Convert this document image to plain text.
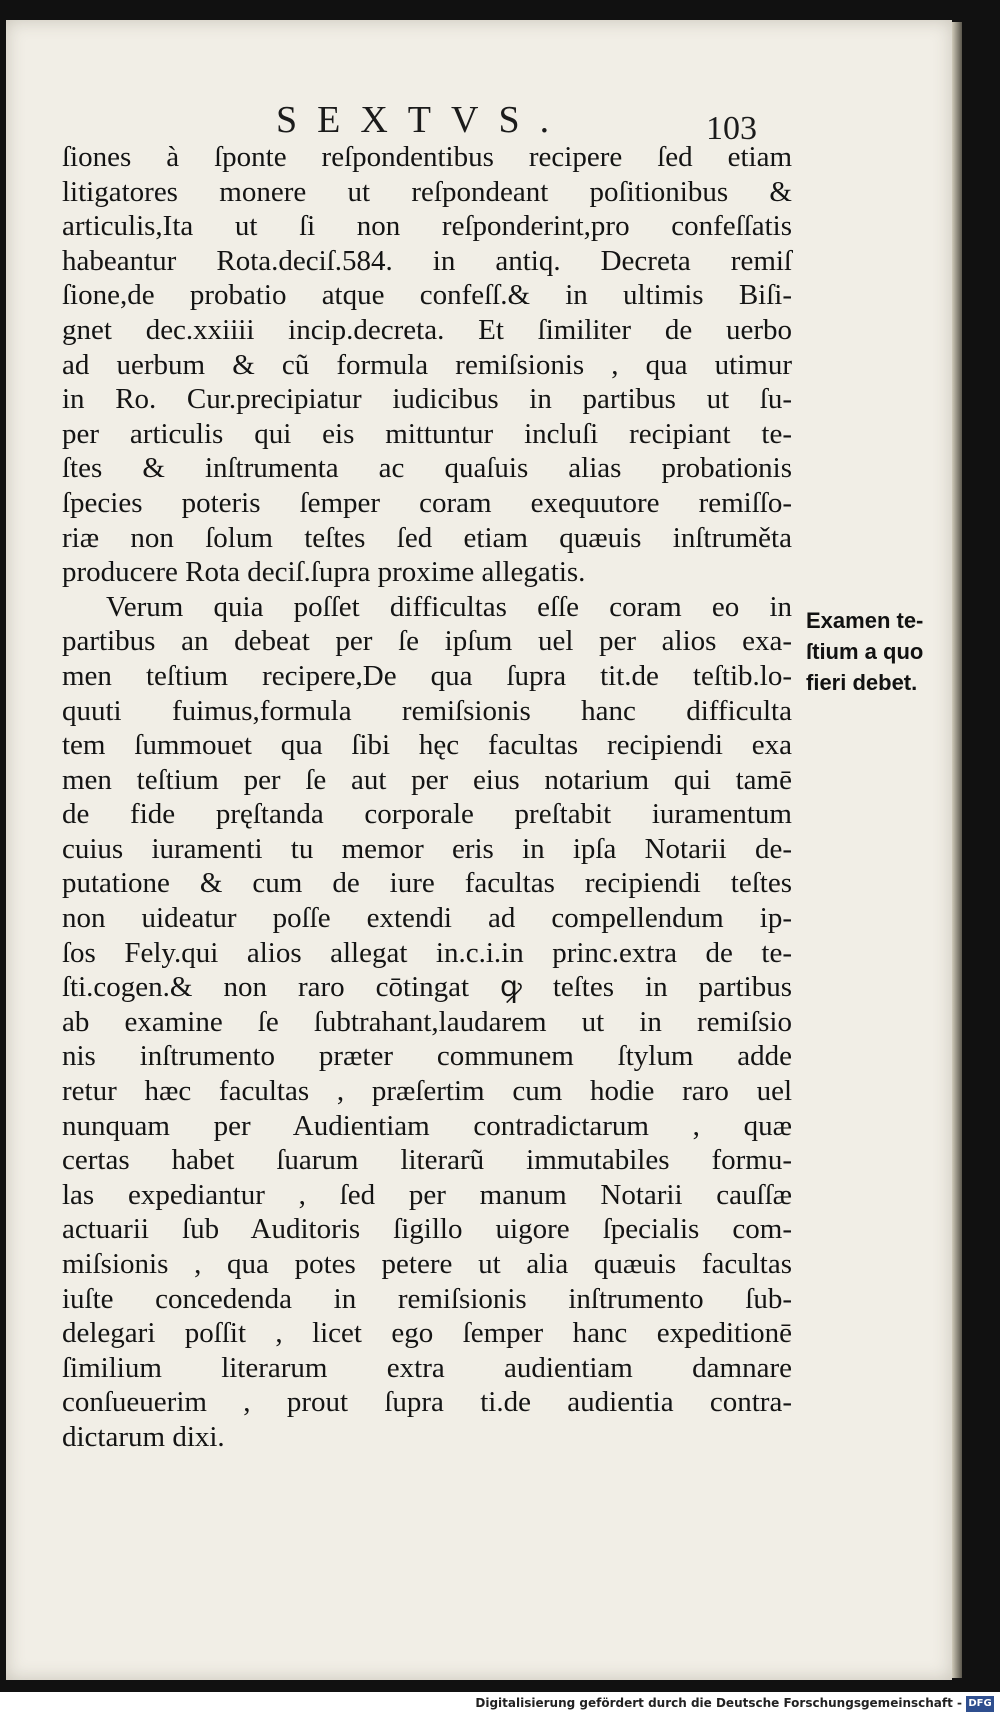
SEXTVS.	103
ſiones à ſponte reſpondentibus recipere ſed etiam
litigatores monere ut reſpondeant poſitionibus &
articulis,Ita ut ſi non reſponderint,pro confeſſatis
habeantur Rota.deciſ.584. in antiq. Decreta remiſ
ſione,de probatio atque confeſſ.& in ultimis Biſi-
gnet dec.xxiiii incip.decreta. Et ſimiliter de uerbo
ad uerbum & cũ formula remiſsionis , qua utimur
in Ro. Cur.precipiatur iudicibus in partibus ut ſu-
per articulis qui eis mittuntur incluſi recipiant te-
ſtes & inſtrumenta ac quaſuis alias probationis
ſpecies poteris ſemper coram exequutore remiſſo-
riæ non ſolum teſtes ſed etiam quæuis inſtruměta
producere Rota deciſ.ſupra proxime allegatis.
Verum quia poſſet difficultas eſſe coram eo in
partibus an debeat per ſe ipſum uel per alios exa-
men teſtium recipere,De qua ſupra tit.de teſtib.lo-
quuti fuimus,formula remiſsionis hanc difficulta
tem ſummouet qua ſibi hęc facultas recipiendi exa
men teſtium per ſe aut per eius notarium qui tamē
de fide pręſtanda corporale preſtabit iuramentum
cuius iuramenti tu memor eris in ipſa Notarii de-
putatione & cum de iure facultas recipiendi teſtes
non uideatur poſſe extendi ad compellendum ip-
ſos Fely.qui alios allegat in.c.i.in princ.extra de te-
ſti.cogen.& non raro cōtingat ꝙ teſtes in partibus
ab examine ſe ſubtrahant,laudarem ut in remiſsio
nis inſtrumento præter communem ſtylum adde
retur hæc facultas , præſertim cum hodie raro uel
nunquam per Audientiam contradictarum , quæ
certas habet ſuarum literarũ immutabiles formu-
las expediantur , ſed per manum Notarii cauſſæ
actuarii ſub Auditoris ſigillo uigore ſpecialis com-
miſsionis , qua potes petere ut alia quæuis facultas
iuſte concedenda in remiſsionis inſtrumento ſub-
delegari poſſit , licet ego ſemper hanc expeditionē
ſimilium literarum extra audientiam damnare
conſueuerim , prout ſupra ti.de audientia contra-
dictarum dixi.
Examen te-
ſtium a quo
fieri debet.
Digitalisierung gefördert durch die Deutsche Forschungsgemeinschaft - DFG
